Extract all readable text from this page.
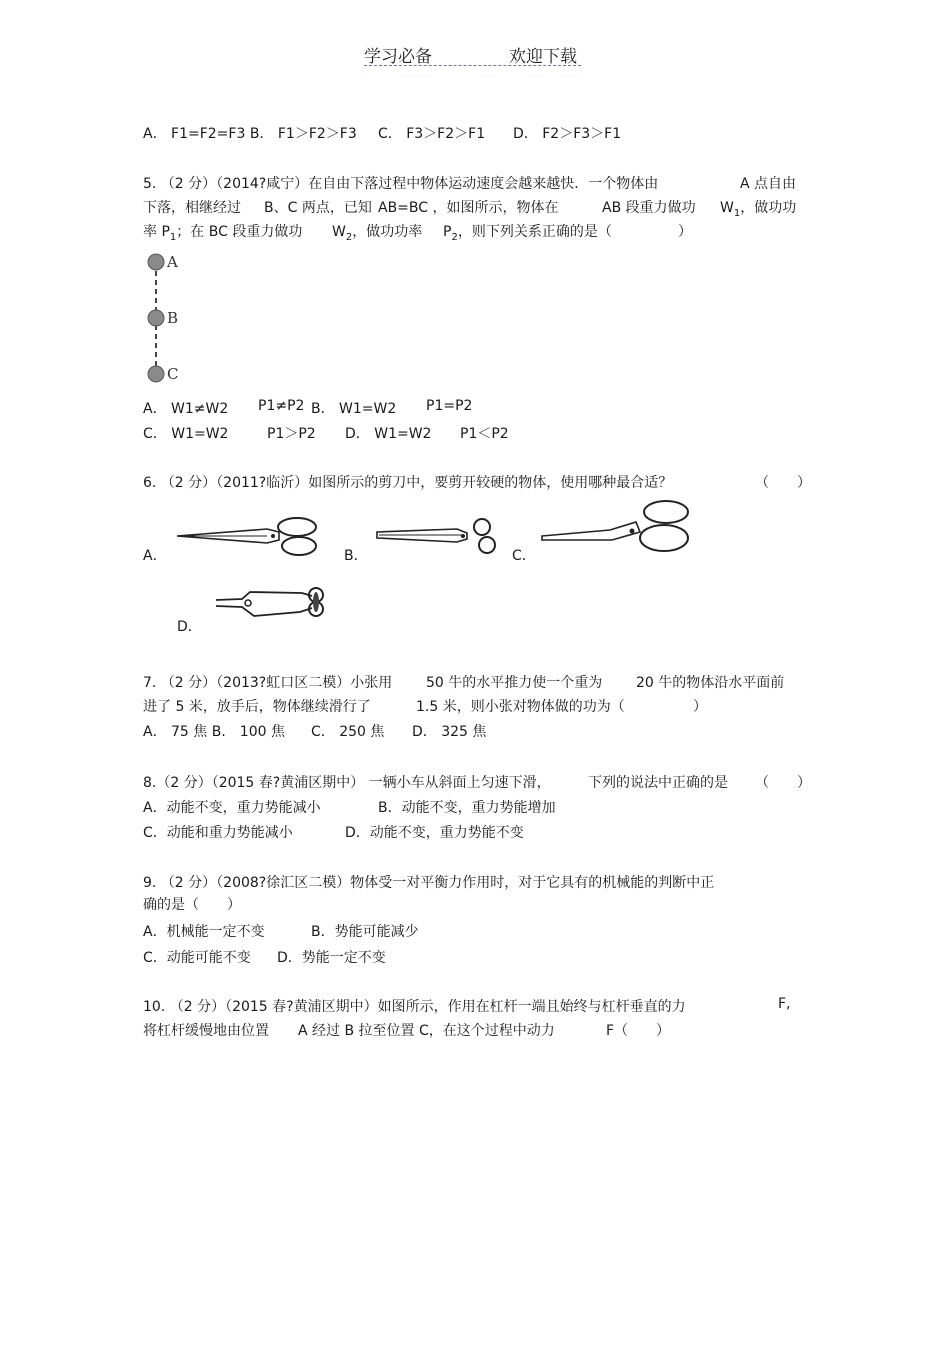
学习必备	欢迎下载
A． F1=F2=F3 B． F1＞F2＞F3 C． F3＞F2＞F1 D． F2＞F3＞F1
5. （2 分）（2014?咸宁）在自由下落过程中物体运动速度会越来越快．一个物体由	A 点自由
下落，相继经过 B、C 两点，已知 AB=BC ，如图所示，物体在	AB 段重力做功 $W_1$，做功功
率 $P_1$；在 BC 段重力做功 $W_2$，做功功率 $P_2$，则下列关系正确的是（	）
A
B
C
A． W1≠W2 P1≠P2 B． W1=W2 P1=P2
C． W1=W2	P1＞P2 D． W1=W2 P1＜P2
6. （2 分）（2011?临沂）如图所示的剪刀中，要剪开较硬的物体，使用哪种最合适？	（　　）
A．	B．	C．
D．
7. （2 分）（2013?虹口区二模）小张用 50 牛的水平推力使一个重为 20 牛的物体沿水平面前
进了 5 米，放手后，物体继续滑行了	1.5 米，则小张对物体做的功为（	）
A． 75 焦 B． 100 焦 C． 250 焦 D． 325 焦
8.（2 分）（2015 春?黄浦区期中） 一辆小车从斜面上匀速下滑，	下列的说法中正确的是 （　　）
A．动能不变，重力势能减小	B．动能不变，重力势能增加
C．动能和重力势能减小	D．动能不变，重力势能不变
9. （2 分）（2008?徐汇区二模）物体受一对平衡力作用时，对于它具有的机械能的判断中正
确的是（　　）
A．机械能一定不变	B．势能可能减少
C．动能可能不变 D．势能一定不变
10. （2 分）（2015 春?黄浦区期中）如图所示，作用在杠杆一端且始终与杠杆垂直的力	F,
将杠杆缓慢地由位置 A 经过 B 拉至位置 C，在这个过程中动力	F（　　）
